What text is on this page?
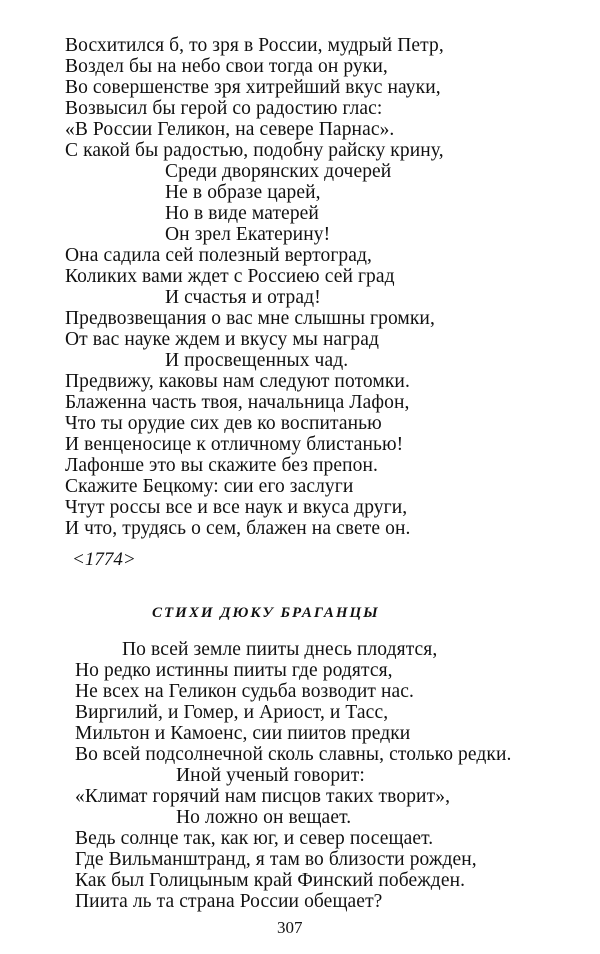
Восхитился б, то зря в России, мудрый Петр,
Воздел бы на небо свои тогда он руки,
Во совершенстве зря хитрейший вкус науки,
Возвысил бы герой со радостию глас:
«В России Геликон, на севере Парнас».
С какой бы радостью, подобну райску крину,
Среди дворянских дочерей
Не в образе царей,
Но в виде матерей
Он зрел Екатерину!
Она садила сей полезный вертоград,
Коликих вами ждет с Россиею сей град
И счастья и отрад!
Предвозвещания о вас мне слышны громки,
От вас науке ждем и вкусу мы наград
И просвещенных чад.
Предвижу, каковы нам следуют потомки.
Блаженна часть твоя, начальница Лафон,
Что ты орудие сих дев ко воспитанью
И венценосице к отличному блистанью!
Лафонше это вы скажите без препон.
Скажите Бецкому: сии его заслуги
Чтут россы все и все наук и вкуса други,
И что, трудясь о сем, блажен на свете он.
<1774>
СТИХИ ДЮКУ БРАГАНЦЫ
По всей земле пииты днесь плодятся,
Но редко истинны пииты где родятся,
Не всех на Геликон судьба возводит нас.
Виргилий, и Гомер, и Ариост, и Тасс,
Мильтон и Камоенс, сии пиитов предки
Во всей подсолнечной сколь славны, столько редки.
Иной ученый говорит:
«Климат горячий нам писцов таких творит»,
Но ложно он вещает.
Ведь солнце так, как юг, и север посещает.
Где Вильманштранд, я там во близости рожден,
Как был Голицыным край Финский побежден.
Пиита ль та страна России обещает?
307
